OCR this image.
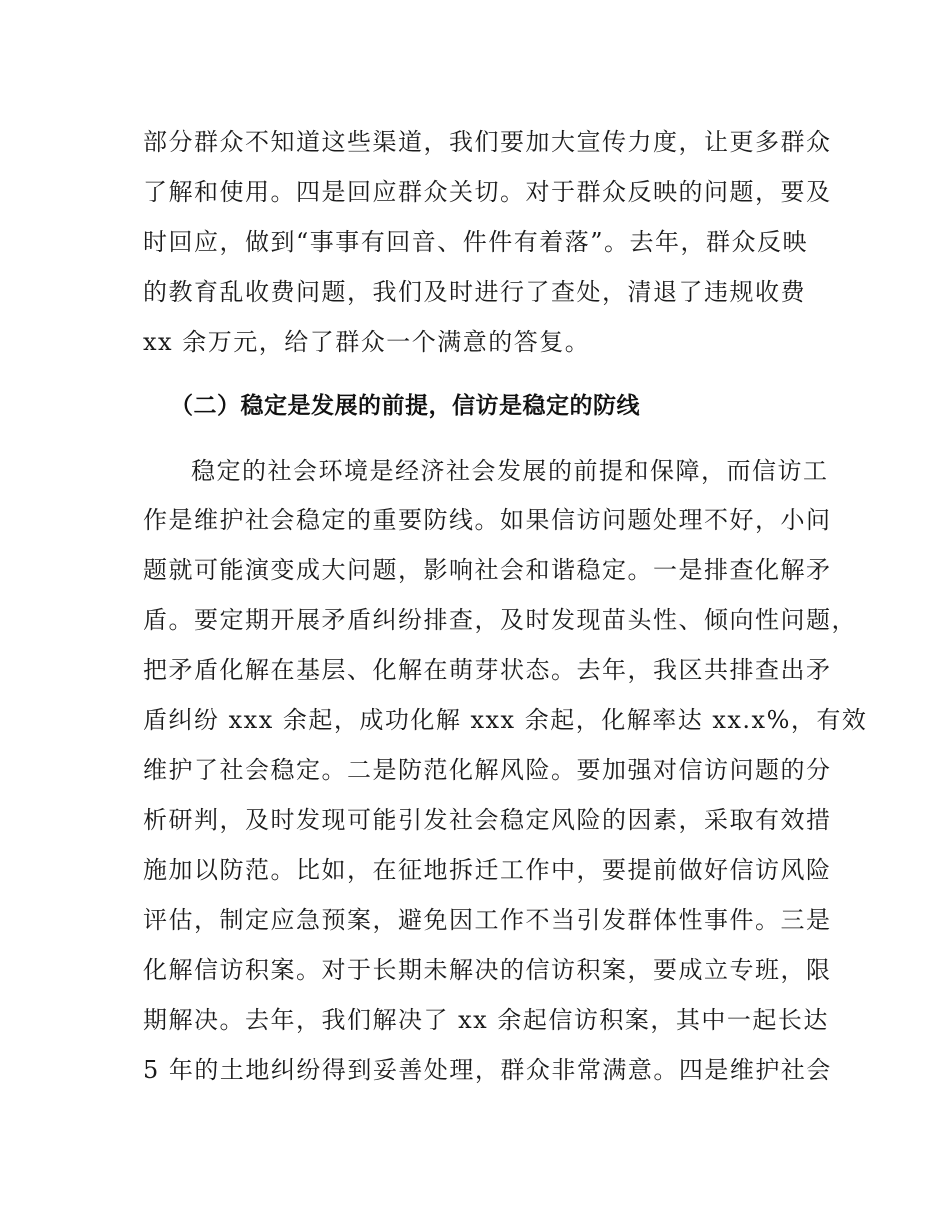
部分群众不知道这些渠道，我们要加大宣传力度，让更多群众
了解和使用。四是回应群众关切。对于群众反映的问题，要及
时回应，做到“事事有回音、件件有着落”。去年，群众反映
的教育乱收费问题，我们及时进行了查处，清退了违规收费
xx 余万元，给了群众一个满意的答复。
（二）稳定是发展的前提，信访是稳定的防线
稳定的社会环境是经济社会发展的前提和保障，而信访工
作是维护社会稳定的重要防线。如果信访问题处理不好，小问
题就可能演变成大问题，影响社会和谐稳定。一是排查化解矛
盾。要定期开展矛盾纠纷排查，及时发现苗头性、倾向性问题，
把矛盾化解在基层、化解在萌芽状态。去年，我区共排查出矛
盾纠纷 xxx 余起，成功化解 xxx 余起，化解率达 xx.x%，有效
维护了社会稳定。二是防范化解风险。要加强对信访问题的分
析研判，及时发现可能引发社会稳定风险的因素，采取有效措
施加以防范。比如，在征地拆迁工作中，要提前做好信访风险
评估，制定应急预案，避免因工作不当引发群体性事件。三是
化解信访积案。对于长期未解决的信访积案，要成立专班，限
期解决。去年，我们解决了 xx 余起信访积案，其中一起长达
5 年的土地纠纷得到妥善处理，群众非常满意。四是维护社会
